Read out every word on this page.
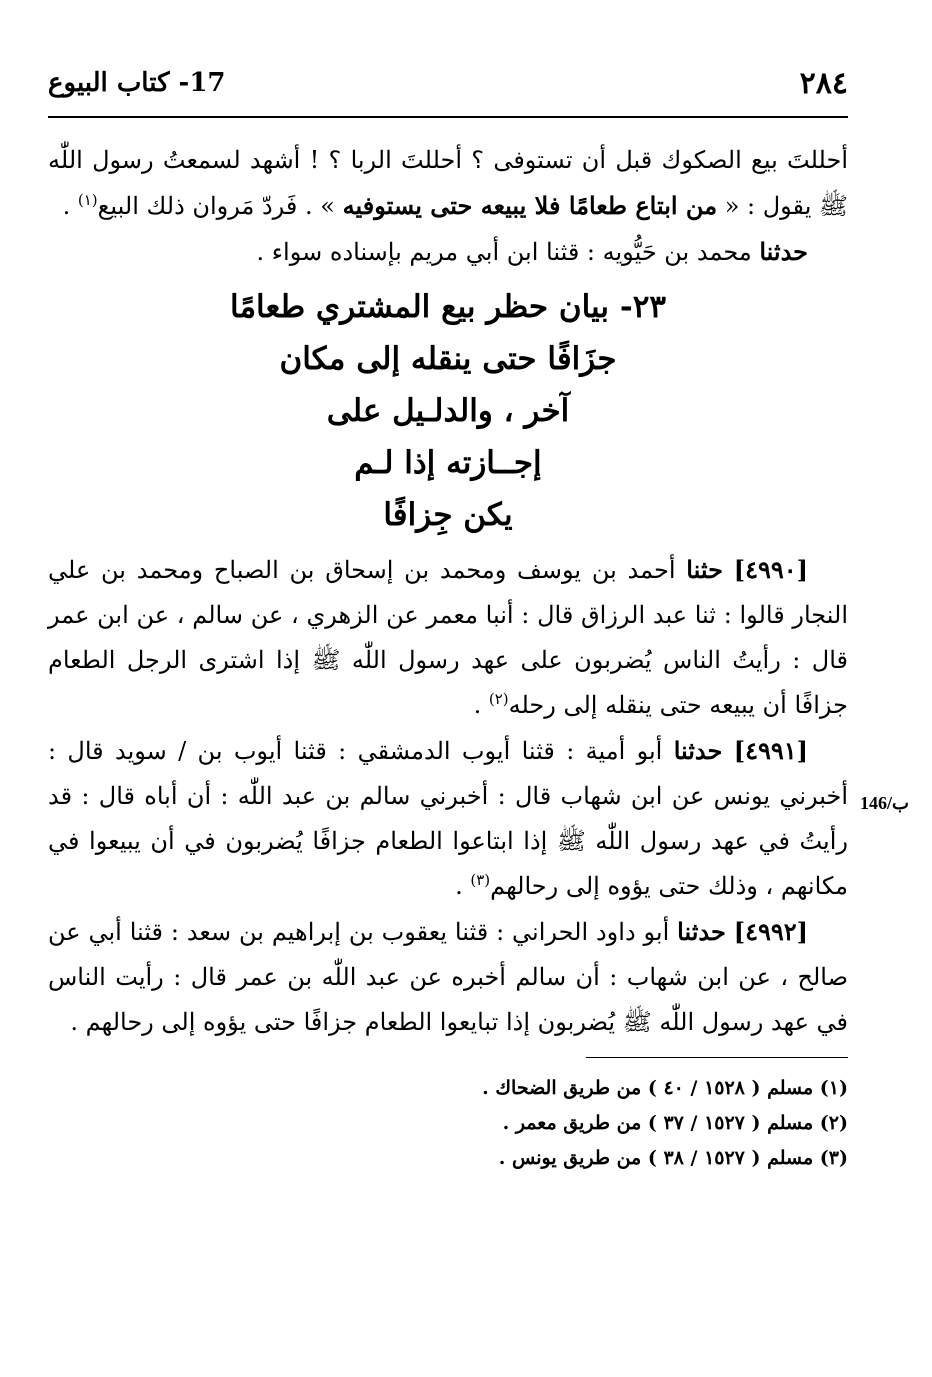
٢٨٤
17- كتاب البيوع

أحللتَ بيع الصكوك قبل أن تستوفى ؟ أحللتَ الربا ؟ ! أشهد لسمعتُ رسول اللّٰه ﷺ يقول : « من ابتاع طعامًا فلا يبيعه حتى يستوفيه » . فَردّ مَروان ذلك البيع$^{(١)}$ .

حدثنا محمد بن حَيُّويه : قثنا ابن أبي مريم بإسناده سواء .

٢٣- بيان حظر بيع المشتري طعامًا
جزَافًا حتى ينقله إلى مكان
آخر ، والدلـيل على
إجــازته إذا لـم
يكن جِزافًا

[٤٩٩٠] حثنا أحمد بن يوسف ومحمد بن إسحاق بن الصباح ومحمد بن علي النجار قالوا : ثنا عبد الرزاق قال : أنبا معمر عن الزهري ، عن سالم ، عن ابن عمر قال : رأيتُ الناس يُضربون على عهد رسول اللّٰه ﷺ إذا اشترى الرجل الطعام جزافًا أن يبيعه حتى ينقله إلى رحله$^{(٢)}$ .

[٤٩٩١] حدثنا أبو أمية : قثنا أيوب الدمشقي : قثنا أيوب بن / سويد قال : أخبرني يونس عن ابن شهاب قال : أخبرني سالم بن عبد اللّٰه : أن أباه قال : قد رأيتُ في عهد رسول اللّٰه ﷺ إذا ابتاعوا الطعام جزافًا يُضربون في أن يبيعوا في مكانهم ، وذلك حتى يؤوه إلى رحالهم$^{(٣)}$ .

[٤٩٩٢] حدثنا أبو داود الحراني : قثنا يعقوب بن إبراهيم بن سعد : قثنا أبي عن صالح ، عن ابن شهاب : أن سالم أخبره عن عبد اللّٰه بن عمر قال : رأيت الناس في عهد رسول اللّٰه ﷺ يُضربون إذا تبايعوا الطعام جزافًا حتى يؤوه إلى رحالهم .

(١) مسلم ( ١٥٢٨ / ٤٠ ) من طريق الضحاك .

(٢) مسلم ( ١٥٢٧ / ٣٧ ) من طريق معمر .

(٣) مسلم ( ١٥٢٧ / ٣٨ ) من طريق يونس .

146/ب
